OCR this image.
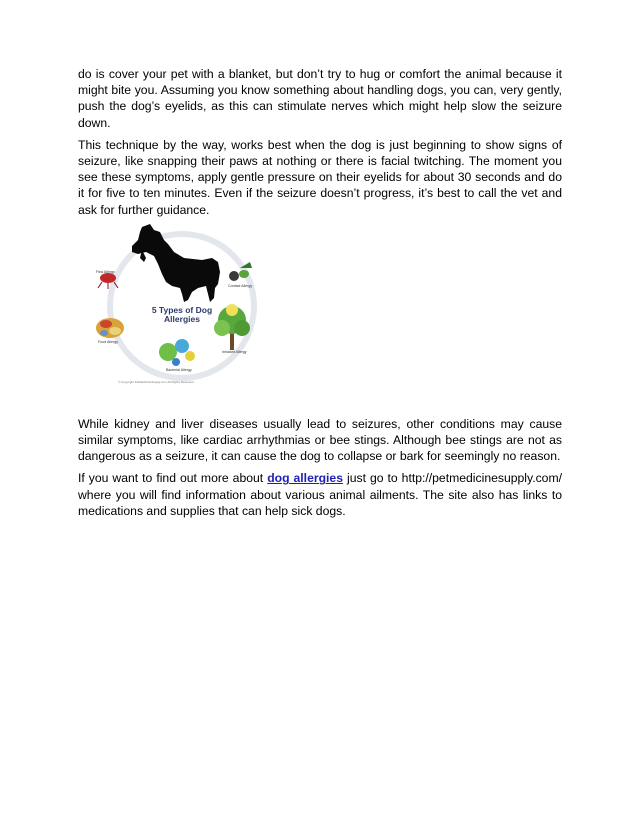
do is cover your pet with a blanket, but don’t try to hug or comfort the animal because it might bite you. Assuming you know something about handling dogs, you can, very gently, push the dog’s eyelids, as this can stimulate nerves which might help slow the seizure down.

This technique by the way, works best when the dog is just beginning to show signs of seizure, like snapping their paws at nothing or there is facial twitching. The moment you see these symptoms, apply gentle pressure on their eyelids for about 30 seconds and do it for five to ten minutes. Even if the seizure doesn’t progress, it’s best to call the vet and ask for further guidance.

5 Types of Dog Allergies
Flea Allergy
Contact Allergy
Food Allergy
Inhalant Allergy
Bacterial Allergy
© Copyright PetMedicineSupply.com All Rights Reserved

While kidney and liver diseases usually lead to seizures, other conditions may cause similar symptoms, like cardiac arrhythmias or bee stings. Although bee stings are not as dangerous as a seizure, it can cause the dog to collapse or bark for seemingly no reason.

If you want to find out more about dog allergies just go to http://petmedicinesupply.com/ where you will find information about various animal ailments. The site also has links to medications and supplies that can help sick dogs.
